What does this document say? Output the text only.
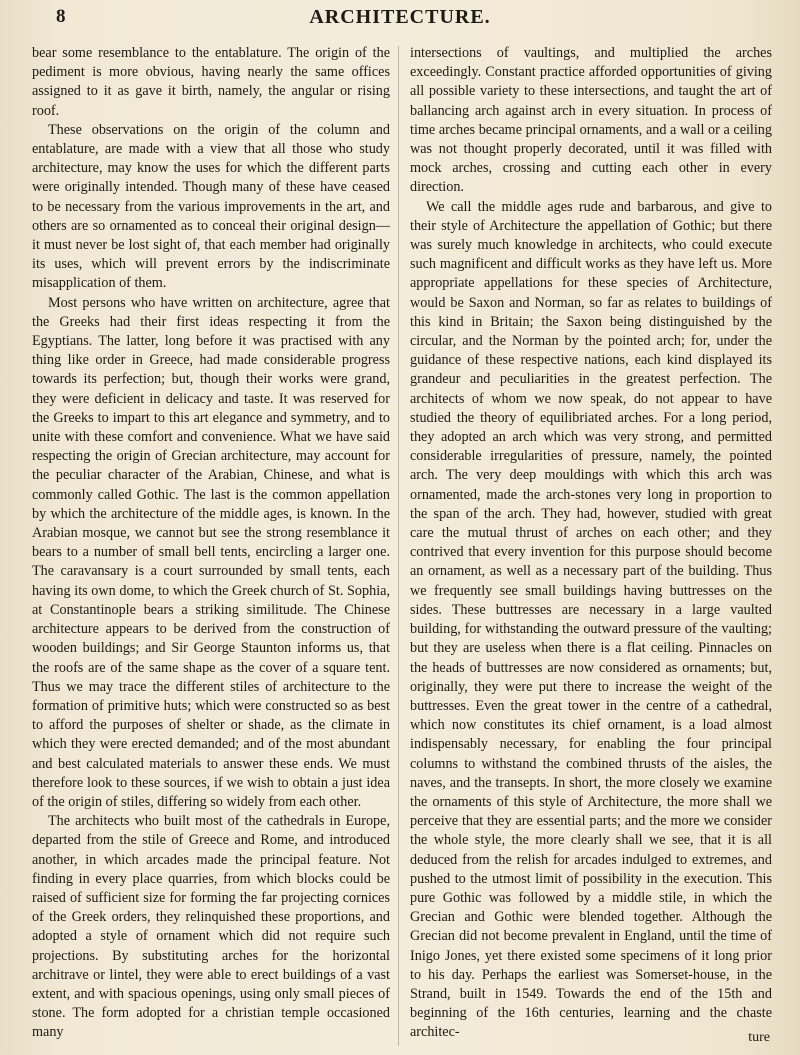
8	ARCHITECTURE.

bear some resemblance to the entablature. The origin of the pediment is more obvious, having nearly the same offices assigned to it as gave it birth, namely, the angular or rising roof.

These observations on the origin of the column and entablature, are made with a view that all those who study architecture, may know the uses for which the different parts were originally intended. Though many of these have ceased to be necessary from the various improvements in the art, and others are so ornamented as to conceal their original design—it must never be lost sight of, that each member had originally its uses, which will prevent errors by the indiscriminate misapplication of them.

Most persons who have written on architecture, agree that the Greeks had their first ideas respecting it from the Egyptians. The latter, long before it was practised with any thing like order in Greece, had made considerable progress towards its perfection; but, though their works were grand, they were deficient in delicacy and taste. It was reserved for the Greeks to impart to this art elegance and symmetry, and to unite with these comfort and convenience. What we have said respecting the origin of Grecian architecture, may account for the peculiar character of the Arabian, Chinese, and what is commonly called Gothic. The last is the common appellation by which the architecture of the middle ages, is known. In the Arabian mosque, we cannot but see the strong resemblance it bears to a number of small bell tents, encircling a larger one. The caravansary is a court surrounded by small tents, each having its own dome, to which the Greek church of St. Sophia, at Constantinople bears a striking similitude. The Chinese architecture appears to be derived from the construction of wooden buildings; and Sir George Staunton informs us, that the roofs are of the same shape as the cover of a square tent. Thus we may trace the different stiles of architecture to the formation of primitive huts; which were constructed so as best to afford the purposes of shelter or shade, as the climate in which they were erected demanded; and of the most abundant and best calculated materials to answer these ends. We must therefore look to these sources, if we wish to obtain a just idea of the origin of stiles, differing so widely from each other.

The architects who built most of the cathedrals in Europe, departed from the stile of Greece and Rome, and introduced another, in which arcades made the principal feature. Not finding in every place quarries, from which blocks could be raised of sufficient size for forming the far projecting cornices of the Greek orders, they relinquished these proportions, and adopted a style of ornament which did not require such projections. By substituting arches for the horizontal architrave or lintel, they were able to erect buildings of a vast extent, and with spacious openings, using only small pieces of stone. The form adopted for a christian temple occasioned many

intersections of vaultings, and multiplied the arches exceedingly. Constant practice afforded opportunities of giving all possible variety to these intersections, and taught the art of ballancing arch against arch in every situation. In process of time arches became principal ornaments, and a wall or a ceiling was not thought properly decorated, until it was filled with mock arches, crossing and cutting each other in every direction.

We call the middle ages rude and barbarous, and give to their style of Architecture the appellation of Gothic; but there was surely much knowledge in architects, who could execute such magnificent and difficult works as they have left us. More appropriate appellations for these species of Architecture, would be Saxon and Norman, so far as relates to buildings of this kind in Britain; the Saxon being distinguished by the circular, and the Norman by the pointed arch; for, under the guidance of these respective nations, each kind displayed its grandeur and peculiarities in the greatest perfection. The architects of whom we now speak, do not appear to have studied the theory of equilibriated arches. For a long period, they adopted an arch which was very strong, and permitted considerable irregularities of pressure, namely, the pointed arch. The very deep mouldings with which this arch was ornamented, made the arch-stones very long in proportion to the span of the arch. They had, however, studied with great care the mutual thrust of arches on each other; and they contrived that every invention for this purpose should become an ornament, as well as a necessary part of the building. Thus we frequently see small buildings having buttresses on the sides. These buttresses are necessary in a large vaulted building, for withstanding the outward pressure of the vaulting; but they are useless when there is a flat ceiling. Pinnacles on the heads of buttresses are now considered as ornaments; but, originally, they were put there to increase the weight of the buttresses. Even the great tower in the centre of a cathedral, which now constitutes its chief ornament, is a load almost indispensably necessary, for enabling the four principal columns to withstand the combined thrusts of the aisles, the naves, and the transepts. In short, the more closely we examine the ornaments of this style of Architecture, the more shall we perceive that they are essential parts; and the more we consider the whole style, the more clearly shall we see, that it is all deduced from the relish for arcades indulged to extremes, and pushed to the utmost limit of possibility in the execution. This pure Gothic was followed by a middle stile, in which the Grecian and Gothic were blended together. Although the Grecian did not become prevalent in England, until the time of Inigo Jones, yet there existed some specimens of it long prior to his day. Perhaps the earliest was Somerset-house, in the Strand, built in 1549. Towards the end of the 15th and beginning of the 16th centuries, learning and the chaste architec-	ture
